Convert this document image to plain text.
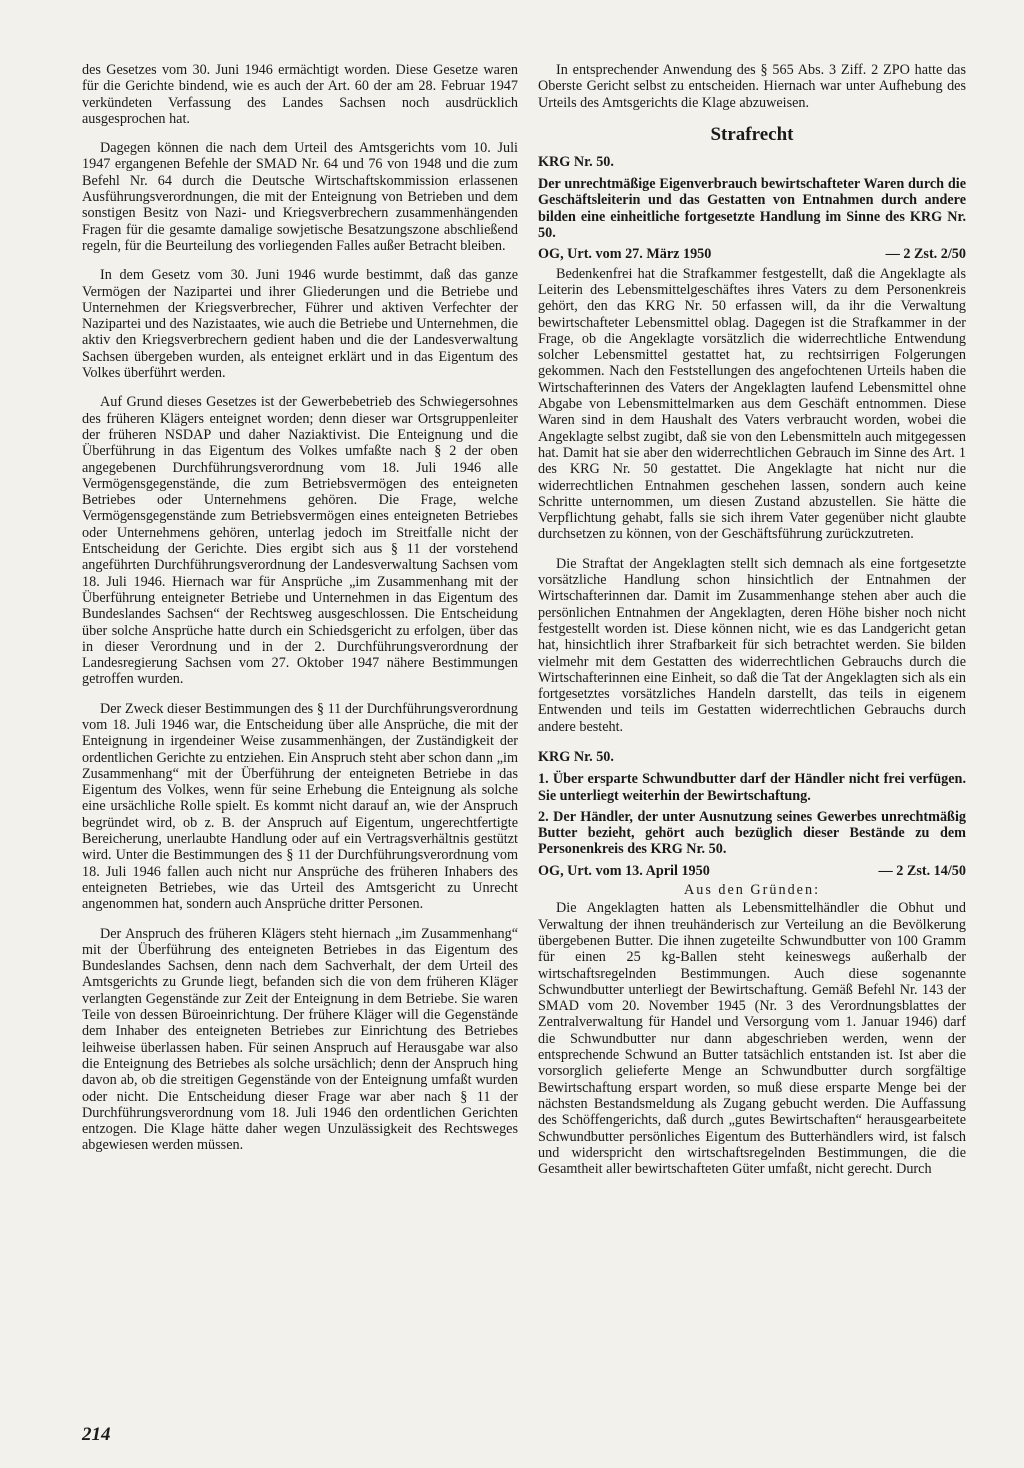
des Gesetzes vom 30. Juni 1946 ermächtigt worden. Diese Gesetze waren für die Gerichte bindend, wie es auch der Art. 60 der am 28. Februar 1947 verkündeten Verfassung des Landes Sachsen noch ausdrücklich ausgesprochen hat.

Dagegen können die nach dem Urteil des Amtsgerichts vom 10. Juli 1947 ergangenen Befehle der SMAD Nr. 64 und 76 von 1948 und die zum Befehl Nr. 64 durch die Deutsche Wirtschaftskommission erlassenen Ausführungsverordnungen, die mit der Enteignung von Betrieben und dem sonstigen Besitz von Nazi- und Kriegsverbrechern zusammenhängenden Fragen für die gesamte damalige sowjetische Besatzungszone abschließend regeln, für die Beurteilung des vorliegenden Falles außer Betracht bleiben.

In dem Gesetz vom 30. Juni 1946 wurde bestimmt, daß das ganze Vermögen der Nazipartei und ihrer Gliederungen und die Betriebe und Unternehmen der Kriegsverbrecher, Führer und aktiven Verfechter der Nazipartei und des Nazistaates, wie auch die Betriebe und Unternehmen, die aktiv den Kriegsverbrechern gedient haben und die der Landesverwaltung Sachsen übergeben wurden, als enteignet erklärt und in das Eigentum des Volkes überführt werden.

Auf Grund dieses Gesetzes ist der Gewerbebetrieb des Schwiegersohnes des früheren Klägers enteignet worden; denn dieser war Ortsgruppenleiter der früheren NSDAP und daher Naziaktivist. Die Enteignung und die Überführung in das Eigentum des Volkes umfaßte nach § 2 der oben angegebenen Durchführungsverordnung vom 18. Juli 1946 alle Vermögensgegenstände, die zum Betriebsvermögen des enteigneten Betriebes oder Unternehmens gehören. Die Frage, welche Vermögensgegenstände zum Betriebsvermögen eines enteigneten Betriebes oder Unternehmens gehören, unterlag jedoch im Streitfalle nicht der Entscheidung der Gerichte. Dies ergibt sich aus § 11 der vorstehend angeführten Durchführungsverordnung der Landesverwaltung Sachsen vom 18. Juli 1946. Hiernach war für Ansprüche „im Zusammenhang mit der Überführung enteigneter Betriebe und Unternehmen in das Eigentum des Bundeslandes Sachsen“ der Rechtsweg ausgeschlossen. Die Entscheidung über solche Ansprüche hatte durch ein Schiedsgericht zu erfolgen, über das in dieser Verordnung und in der 2. Durchführungsverordnung der Landesregierung Sachsen vom 27. Oktober 1947 nähere Bestimmungen getroffen wurden.

Der Zweck dieser Bestimmungen des § 11 der Durchführungsverordnung vom 18. Juli 1946 war, die Entscheidung über alle Ansprüche, die mit der Enteignung in irgendeiner Weise zusammenhängen, der Zuständigkeit der ordentlichen Gerichte zu entziehen. Ein Anspruch steht aber schon dann „im Zusammenhang“ mit der Überführung der enteigneten Betriebe in das Eigentum des Volkes, wenn für seine Erhebung die Enteignung als solche eine ursächliche Rolle spielt. Es kommt nicht darauf an, wie der Anspruch begründet wird, ob z. B. der Anspruch auf Eigentum, ungerechtfertigte Bereicherung, unerlaubte Handlung oder auf ein Vertragsverhältnis gestützt wird. Unter die Bestimmungen des § 11 der Durchführungsverordnung vom 18. Juli 1946 fallen auch nicht nur Ansprüche des früheren Inhabers des enteigneten Betriebes, wie das Urteil des Amtsgericht zu Unrecht angenommen hat, sondern auch Ansprüche dritter Personen.

Der Anspruch des früheren Klägers steht hiernach „im Zusammenhang“ mit der Überführung des enteigneten Betriebes in das Eigentum des Bundeslandes Sachsen, denn nach dem Sachverhalt, der dem Urteil des Amtsgerichts zu Grunde liegt, befanden sich die von dem früheren Kläger verlangten Gegenstände zur Zeit der Enteignung in dem Betriebe. Sie waren Teile von dessen Büroeinrichtung. Der frühere Kläger will die Gegenstände dem Inhaber des enteigneten Betriebes zur Einrichtung des Betriebes leihweise überlassen haben. Für seinen Anspruch auf Herausgabe war also die Enteignung des Betriebes als solche ursächlich; denn der Anspruch hing davon ab, ob die streitigen Gegenstände von der Enteignung umfaßt wurden oder nicht. Die Entscheidung dieser Frage war aber nach § 11 der Durchführungsverordnung vom 18. Juli 1946 den ordentlichen Gerichten entzogen. Die Klage hätte daher wegen Unzulässigkeit des Rechtsweges abgewiesen werden müssen.

In entsprechender Anwendung des § 565 Abs. 3 Ziff. 2 ZPO hatte das Oberste Gericht selbst zu entscheiden. Hiernach war unter Aufhebung des Urteils des Amtsgerichts die Klage abzuweisen.

Strafrecht
KRG Nr. 50.
Der unrechtmäßige Eigenverbrauch bewirtschafteter Waren durch die Geschäftsleiterin und das Gestatten von Entnahmen durch andere bilden eine einheitliche fortgesetzte Handlung im Sinne des KRG Nr. 50.
OG, Urt. vom 27. März 1950	— 2 Zst. 2/50

Bedenkenfrei hat die Strafkammer festgestellt, daß die Angeklagte als Leiterin des Lebensmittelgeschäftes ihres Vaters zu dem Personenkreis gehört, den das KRG Nr. 50 erfassen will, da ihr die Verwaltung bewirtschafteter Lebensmittel oblag. Dagegen ist die Strafkammer in der Frage, ob die Angeklagte vorsätzlich die widerrechtliche Entwendung solcher Lebensmittel gestattet hat, zu rechtsirrigen Folgerungen gekommen. Nach den Feststellungen des angefochtenen Urteils haben die Wirtschafterinnen des Vaters der Angeklagten laufend Lebensmittel ohne Abgabe von Lebensmittelmarken aus dem Geschäft entnommen. Diese Waren sind in dem Haushalt des Vaters verbraucht worden, wobei die Angeklagte selbst zugibt, daß sie von den Lebensmitteln auch mitgegessen hat. Damit hat sie aber den widerrechtlichen Gebrauch im Sinne des Art. 1 des KRG Nr. 50 gestattet. Die Angeklagte hat nicht nur die widerrechtlichen Entnahmen geschehen lassen, sondern auch keine Schritte unternommen, um diesen Zustand abzustellen. Sie hätte die Verpflichtung gehabt, falls sie sich ihrem Vater gegenüber nicht glaubte durchsetzen zu können, von der Geschäftsführung zurückzutreten.

Die Straftat der Angeklagten stellt sich demnach als eine fortgesetzte vorsätzliche Handlung schon hinsichtlich der Entnahmen der Wirtschafterinnen dar. Damit im Zusammenhange stehen aber auch die persönlichen Entnahmen der Angeklagten, deren Höhe bisher noch nicht festgestellt worden ist. Diese können nicht, wie es das Landgericht getan hat, hinsichtlich ihrer Strafbarkeit für sich betrachtet werden. Sie bilden vielmehr mit dem Gestatten des widerrechtlichen Gebrauchs durch die Wirtschafterinnen eine Einheit, so daß die Tat der Angeklagten sich als ein fortgesetztes vorsätzliches Handeln darstellt, das teils in eigenem Entwenden und teils im Gestatten widerrechtlichen Gebrauchs durch andere besteht.

KRG Nr. 50.
1. Über ersparte Schwundbutter darf der Händler nicht frei verfügen. Sie unterliegt weiterhin der Bewirtschaftung.
2. Der Händler, der unter Ausnutzung seines Gewerbes unrechtmäßig Butter bezieht, gehört auch bezüglich dieser Bestände zu dem Personenkreis des KRG Nr. 50.
OG, Urt. vom 13. April 1950	— 2 Zst. 14/50
Aus den Gründen:

Die Angeklagten hatten als Lebensmittelhändler die Obhut und Verwaltung der ihnen treuhänderisch zur Verteilung an die Bevölkerung übergebenen Butter. Die ihnen zugeteilte Schwundbutter von 100 Gramm für einen 25 kg-Ballen steht keineswegs außerhalb der wirtschaftsregelnden Bestimmungen. Auch diese sogenannte Schwundbutter unterliegt der Bewirtschaftung. Gemäß Befehl Nr. 143 der SMAD vom 20. November 1945 (Nr. 3 des Verordnungsblattes der Zentralverwaltung für Handel und Versorgung vom 1. Januar 1946) darf die Schwundbutter nur dann abgeschrieben werden, wenn der entsprechende Schwund an Butter tatsächlich entstanden ist. Ist aber die vorsorglich gelieferte Menge an Schwundbutter durch sorgfältige Bewirtschaftung erspart worden, so muß diese ersparte Menge bei der nächsten Bestandsmeldung als Zugang gebucht werden. Die Auffassung des Schöffengerichts, daß durch „gutes Bewirtschaften“ herausgearbeitete Schwundbutter persönliches Eigentum des Butterhändlers wird, ist falsch und widerspricht den wirtschaftsregelnden Bestimmungen, die die Gesamtheit aller bewirtschafteten Güter umfaßt, nicht gerecht. Durch

214
